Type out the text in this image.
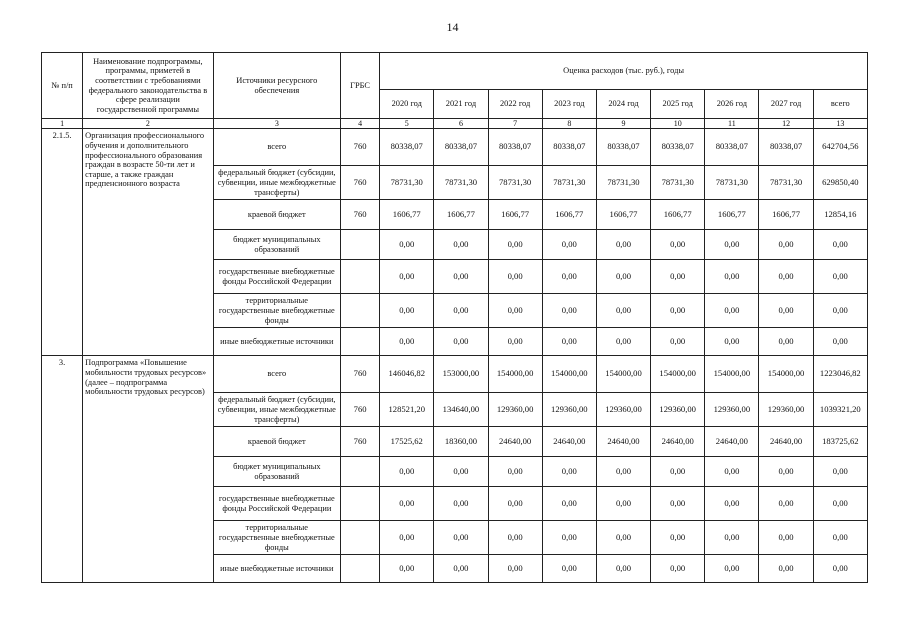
14
№ п/п	Наименование подпрограммы, программы, приметей в соответствии с требованиями федерального законодательства в сфере реализации государственной программы	Источники ресурсного обеспечения	ГРБС	Оценка расходов (тыс. руб.), годы								
				2020 год	2021 год	2022 год	2023 год	2024 год	2025 год	2026 год	2027 год	всего
1	2	3	4	5	6	7	8	9	10	11	12	13
2.1.5.	Организация профессионального обучения и дополнительного профессионального образования граждан в возрасте 50-ти лет и старше, а также граждан предпенсионного возраста	всего	760	80338,07	80338,07	80338,07	80338,07	80338,07	80338,07	80338,07	80338,07	642704,56
		федеральный бюджет (субсидии, субвенции, иные межбюджетные трансферты)	760	78731,30	78731,30	78731,30	78731,30	78731,30	78731,30	78731,30	78731,30	629850,40
		краевой бюджет	760	1606,77	1606,77	1606,77	1606,77	1606,77	1606,77	1606,77	1606,77	12854,16
		бюджет муниципальных образований		0,00	0,00	0,00	0,00	0,00	0,00	0,00	0,00	0,00
		государственные внебюджетные фонды Российской Федерации		0,00	0,00	0,00	0,00	0,00	0,00	0,00	0,00	0,00
		территориальные государственные внебюджетные фонды		0,00	0,00	0,00	0,00	0,00	0,00	0,00	0,00	0,00
		иные внебюджетные источники		0,00	0,00	0,00	0,00	0,00	0,00	0,00	0,00	0,00
3.	Подпрограмма «Повышение мобильности трудовых ресурсов» (далее – подпрограмма мобильности трудовых ресурсов)	всего	760	146046,82	153000,00	154000,00	154000,00	154000,00	154000,00	154000,00	154000,00	1223046,82
		федеральный бюджет (субсидии, субвенции, иные межбюджетные трансферты)	760	128521,20	134640,00	129360,00	129360,00	129360,00	129360,00	129360,00	129360,00	1039321,20
		краевой бюджет	760	17525,62	18360,00	24640,00	24640,00	24640,00	24640,00	24640,00	24640,00	183725,62
		бюджет муниципальных образований		0,00	0,00	0,00	0,00	0,00	0,00	0,00	0,00	0,00
		государственные внебюджетные фонды Российской Федерации		0,00	0,00	0,00	0,00	0,00	0,00	0,00	0,00	0,00
		территориальные государственные внебюджетные фонды		0,00	0,00	0,00	0,00	0,00	0,00	0,00	0,00	0,00
		иные внебюджетные источники		0,00	0,00	0,00	0,00	0,00	0,00	0,00	0,00	0,00
